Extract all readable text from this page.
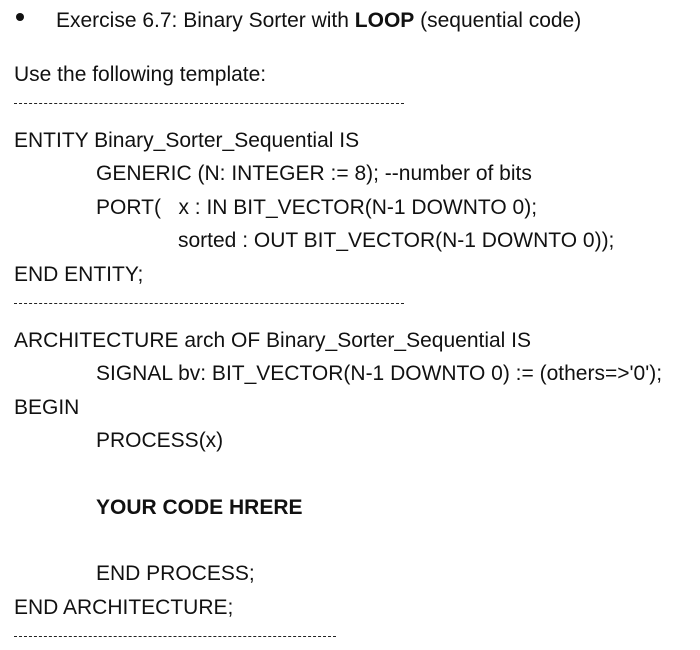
Exercise 6.7: Binary Sorter with LOOP (sequential code)
Use the following template:
ENTITY Binary_Sorter_Sequential IS
GENERIC (N: INTEGER := 8); --number of bits
PORT(   x : IN BIT_VECTOR(N-1 DOWNTO 0);
sorted : OUT BIT_VECTOR(N-1 DOWNTO 0));
END ENTITY;
ARCHITECTURE arch OF Binary_Sorter_Sequential IS
SIGNAL bv: BIT_VECTOR(N-1 DOWNTO 0) := (others=>'0');
BEGIN
PROCESS(x)
YOUR CODE HRERE
END PROCESS;
END ARCHITECTURE;
